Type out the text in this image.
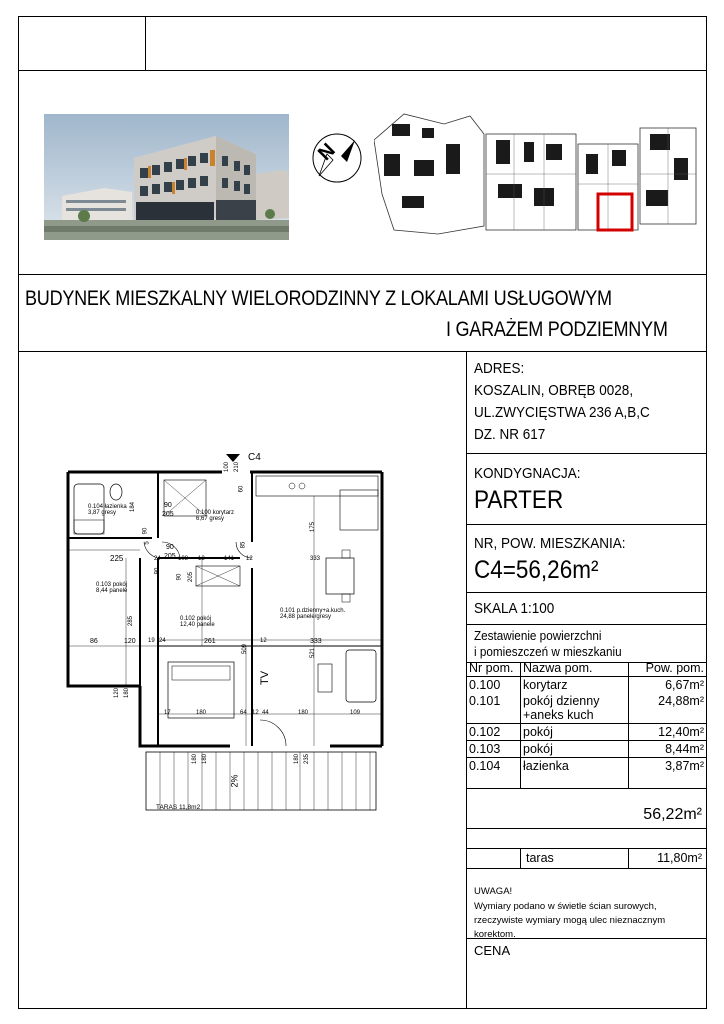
N
BUDYNEK MIESZKALNY WIELORODZINNY Z LOKALAMI USŁUGOWYM
I GARAŻEM PODZIEMNYM
ADRES:
KOSZALIN, OBRĘB 0028,
UL.ZWYCIĘSTWA 236 A,B,C
DZ. NR 617
KONDYGNACJA:
PARTER
NR, POW. MIESZKANIA:
C4=56,26m²
SKALA 1:100
Zestawienie powierzchni
i pomieszczeń w mieszkaniu
Nr pom.	Nazwa pom.	Pow. pom.
0.100	korytarz	6,67m²
0.101	pokój dzienny
+aneks kuch	24,88m²
0.102	pokój	12,40m²
0.103	pokój	8,44m²
0.104	łazienka	3,87m²
56,22m²
taras	11,80m²
UWAGA!
Wymiary podano w świetle ścian surowych,
rzeczywiste wymiary mogą ulec nieznacznym
korektom.
CENA
C4
0.104 łazienka
3,87 gresy	0.100 korytarz
6,67 gresy
0.103 pokój
8,44 panele
0.102 pokój
12,40 panele
0.101 p.dzienny+a.kuch.
24,88 panele/gresy
100 210
60
90
205
184
90
205
225	24	108 12	141 12	333
175
85
5
90
90
90 205
285
86	120 19 24	261	12	333
509	521
TV
17	180	64 12 44	180	109
120 180
180 180	180 235
2%
TARAS 11,8m2
